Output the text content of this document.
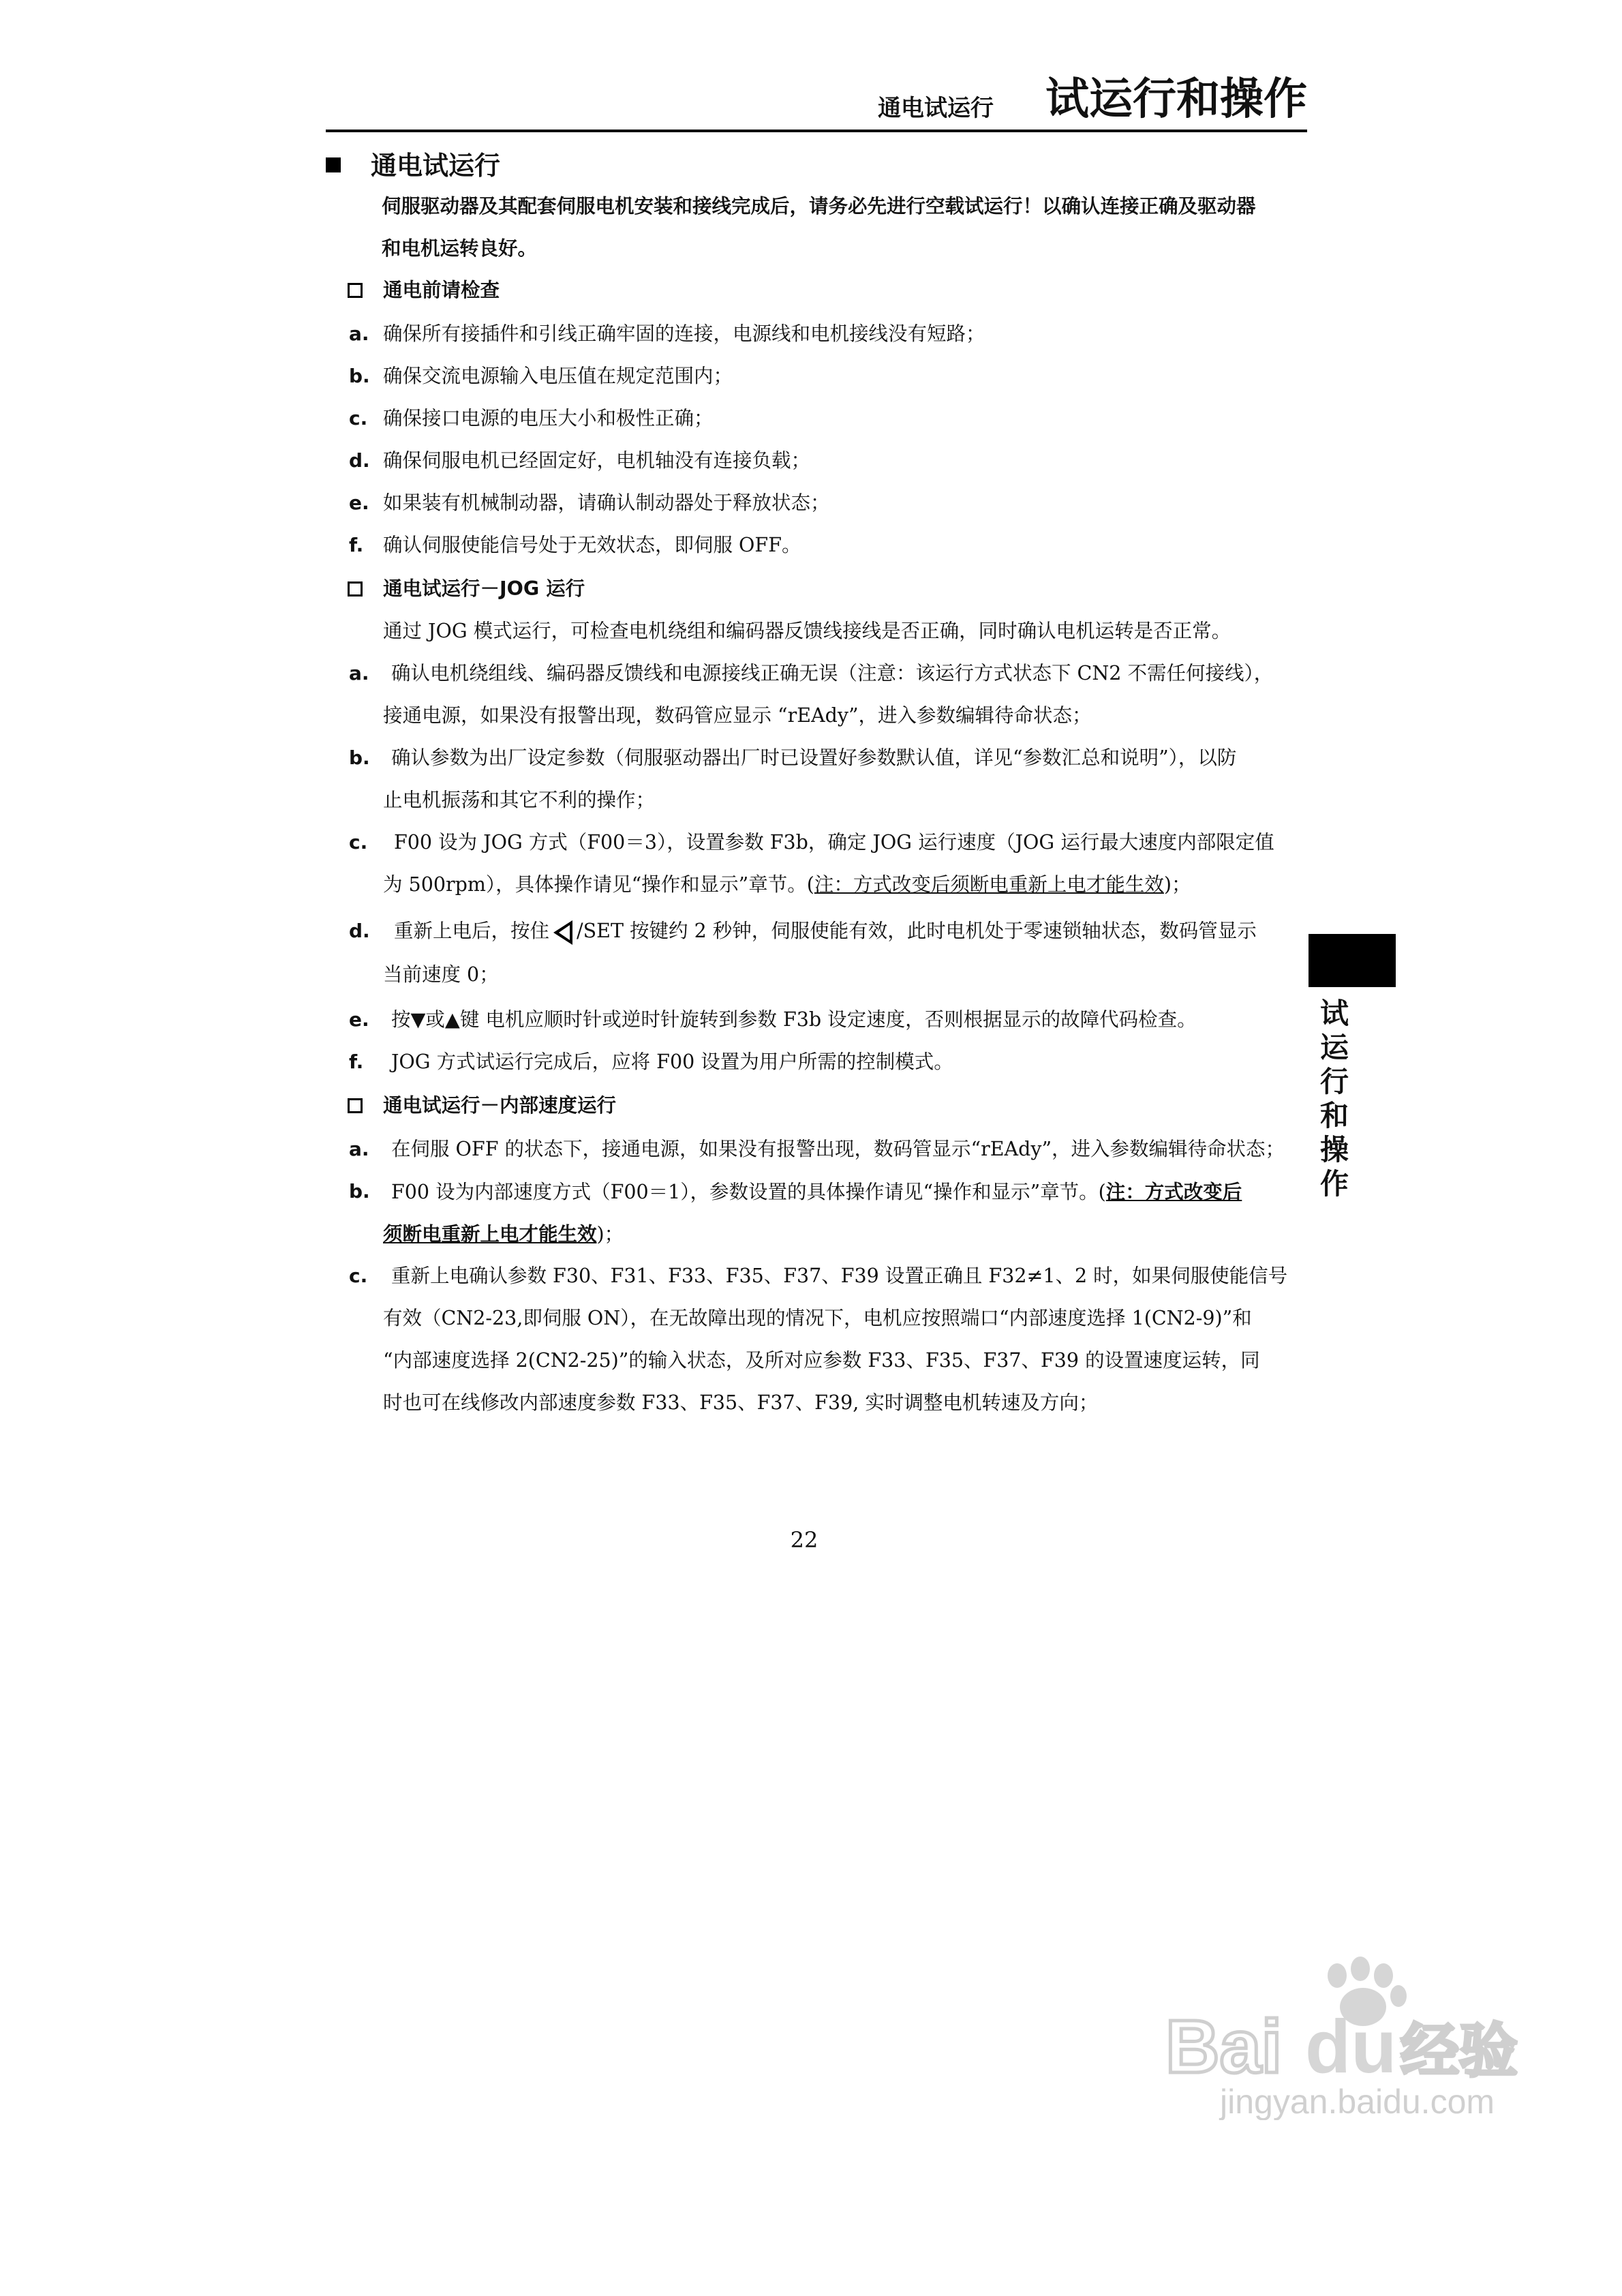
通电试运行 试运行和操作
通电试运行
伺服驱动器及其配套伺服电机安装和接线完成后，请务必先进行空载试运行！以确认连接正确及驱动器
和电机运转良好。
通电前请检查
a. 确保所有接插件和引线正确牢固的连接，电源线和电机接线没有短路；
b. 确保交流电源输入电压值在规定范围内；
c. 确保接口电源的电压大小和极性正确；
d. 确保伺服电机已经固定好，电机轴没有连接负载；
e. 如果装有机械制动器，请确认制动器处于释放状态；
f.	确认伺服使能信号处于无效状态，即伺服 OFF。
通电试运行－JOG 运行
通过 JOG 模式运行，可检查电机绕组和编码器反馈线接线是否正确，同时确认电机运转是否正常。
a.	确认电机绕组线、编码器反馈线和电源接线正确无误（注意：该运行方式状态下 CN2 不需任何接线），
接通电源，如果没有报警出现，数码管应显示 “rEAdy”，进入参数编辑待命状态；
b.	确认参数为出厂设定参数（伺服驱动器出厂时已设置好参数默认值，详见“参数汇总和说明”），以防
止电机振荡和其它不利的操作；
c.	F00 设为 JOG 方式（F00＝3），设置参数 F3b，确定 JOG 运行速度（JOG 运行最大速度内部限定值
为 500rpm），具体操作请见“操作和显示”章节。(注：方式改变后须断电重新上电才能生效)；
d.	重新上电后，按住 /SET 按键约 2 秒钟，伺服使能有效，此时电机处于零速锁轴状态，数码管显示
当前速度 0；
e.	按▼或▲键 电机应顺时针或逆时针旋转到参数 F3b 设定速度，否则根据显示的故障代码检查。
f.	JOG 方式试运行完成后，应将 F00 设置为用户所需的控制模式。
通电试运行－内部速度运行
a.	在伺服 OFF 的状态下，接通电源，如果没有报警出现，数码管显示“rEAdy”，进入参数编辑待命状态；
b.	F00 设为内部速度方式（F00＝1），参数设置的具体操作请见“操作和显示”章节。(注：方式改变后
须断电重新上电才能生效)；
c.	重新上电确认参数 F30、F31、F33、F35、F37、F39 设置正确且 F32≠1、2 时，如果伺服使能信号
有效（CN2-23,即伺服 ON），在无故障出现的情况下，电机应按照端口“内部速度选择 1(CN2-9)”和
“内部速度选择 2(CN2-25)”的输入状态，及所对应参数 F33、F35、F37、F39 的设置速度运转，同
时也可在线修改内部速度参数 F33、F35、F37、F39, 实时调整电机转速及方向；
试运行和操作
22
Bai du 经验
jingyan.baidu.com
